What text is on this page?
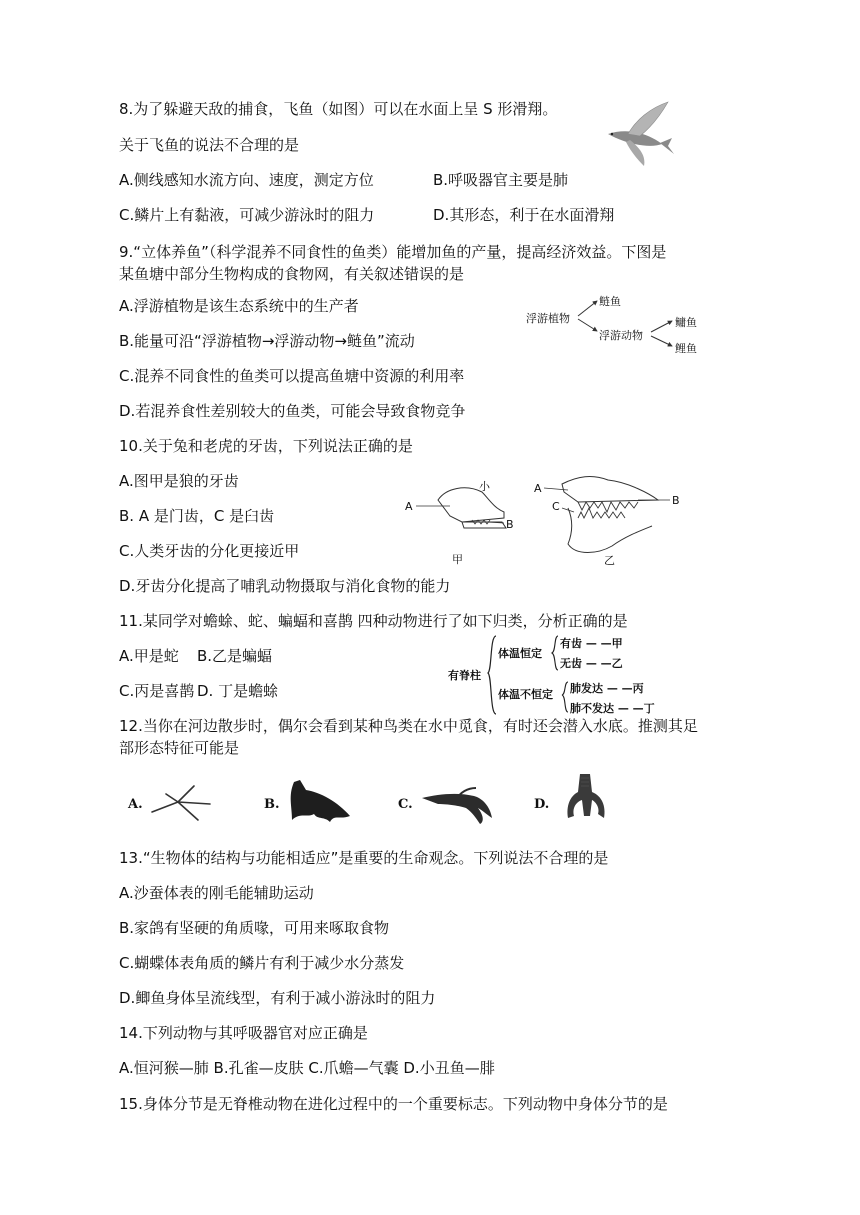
8.为了躲避天敌的捕食，飞鱼（如图）可以在水面上呈 S 形滑翔。
关于飞鱼的说法不合理的是
A.侧线感知水流方向、速度，测定方位	B.呼吸器官主要是肺
C.鳞片上有黏液，可减少游泳时的阻力	D.其形态，利于在水面滑翔
9.“立体养鱼”（科学混养不同食性的鱼类）能增加鱼的产量，提高经济效益。下图是
某鱼塘中部分生物构成的食物网，有关叙述错误的是
A.浮游植物是该生态系统中的生产者
B.能量可沿“浮游植物→浮游动物→鲢鱼”流动
C.混养不同食性的鱼类可以提高鱼塘中资源的利用率
D.若混养食性差别较大的鱼类，可能会导致食物竞争
浮游植物
鲢鱼
浮游动物
鳙鱼
鲤鱼
10.关于兔和老虎的牙齿，下列说法正确的是
A.图甲是狼的牙齿
B. A 是门齿，C 是臼齿
C.人类牙齿的分化更接近甲
D.牙齿分化提高了哺乳动物摄取与消化食物的能力
A
B
小
甲
A
B
C
乙
11.某同学对蟾蜍、蛇、蝙蝠和喜鹊 四种动物进行了如下归类，分析正确的是
A.甲是蛇 B.乙是蝙蝠
C.丙是喜鹊 D. 丁是蟾蜍
有脊柱
体温恒定
体温不恒定
有齿 — —甲
无齿 — —乙
肺发达 — —丙
肺不发达 — —丁
12.当你在河边散步时，偶尔会看到某种鸟类在水中觅食，有时还会潜入水底。推测其足
部形态特征可能是
A.	B.	C.	D.
13.“生物体的结构与功能相适应”是重要的生命观念。下列说法不合理的是
A.沙蚕体表的刚毛能辅助运动
B.家鸽有坚硬的角质喙，可用来啄取食物
C.蝴蝶体表角质的鳞片有利于减少水分蒸发
D.鲫鱼身体呈流线型，有利于减小游泳时的阻力
14.下列动物与其呼吸器官对应正确是
A.恒河猴—肺 B.孔雀—皮肤 C.爪蟾—气囊 D.小丑鱼—腓
15.身体分节是无脊椎动物在进化过程中的一个重要标志。下列动物中身体分节的是
